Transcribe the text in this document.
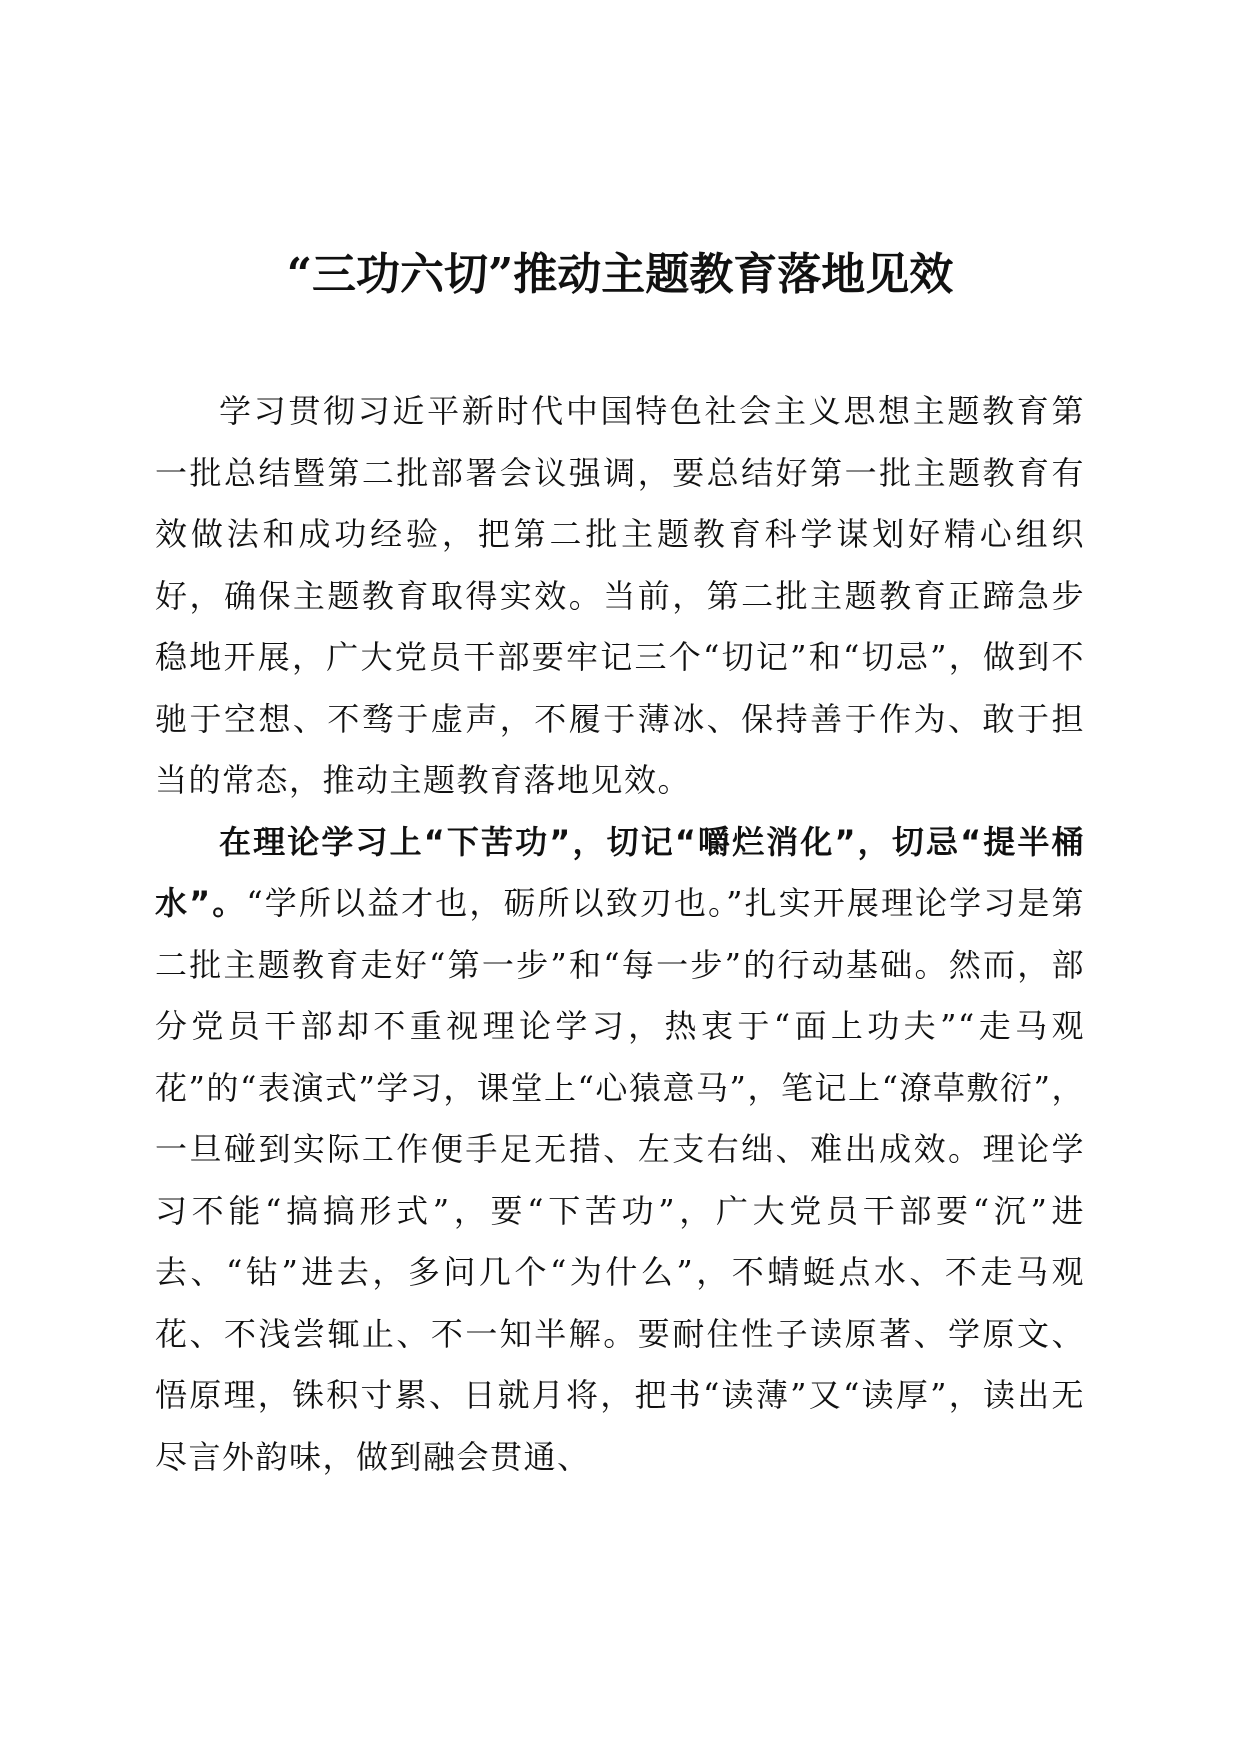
“三功六切”推动主题教育落地见效

学习贯彻习近平新时代中国特色社会主义思想主题教育第一批总结暨第二批部署会议强调，要总结好第一批主题教育有效做法和成功经验，把第二批主题教育科学谋划好精心组织好，确保主题教育取得实效。当前，第二批主题教育正蹄急步稳地开展，广大党员干部要牢记三个“切记”和“切忌”，做到不驰于空想、不骛于虚声，不履于薄冰、保持善于作为、敢于担当的常态，推动主题教育落地见效。

在理论学习上“下苦功”，切记“嚼烂消化”，切忌“提半桶水”。“学所以益才也，砺所以致刃也。”扎实开展理论学习是第二批主题教育走好“第一步”和“每一步”的行动基础。然而，部分党员干部却不重视理论学习，热衷于“面上功夫”“走马观花”的“表演式”学习，课堂上“心猿意马”，笔记上“潦草敷衍”，一旦碰到实际工作便手足无措、左支右绌、难出成效。理论学习不能“搞搞形式”，要“下苦功”，广大党员干部要“沉”进去、“钻”进去，多问几个“为什么”，不蜻蜓点水、不走马观花、不浅尝辄止、不一知半解。要耐住性子读原著、学原文、悟原理，铢积寸累、日就月将，把书“读薄”又“读厚”，读出无尽言外韵味，做到融会贯通、
